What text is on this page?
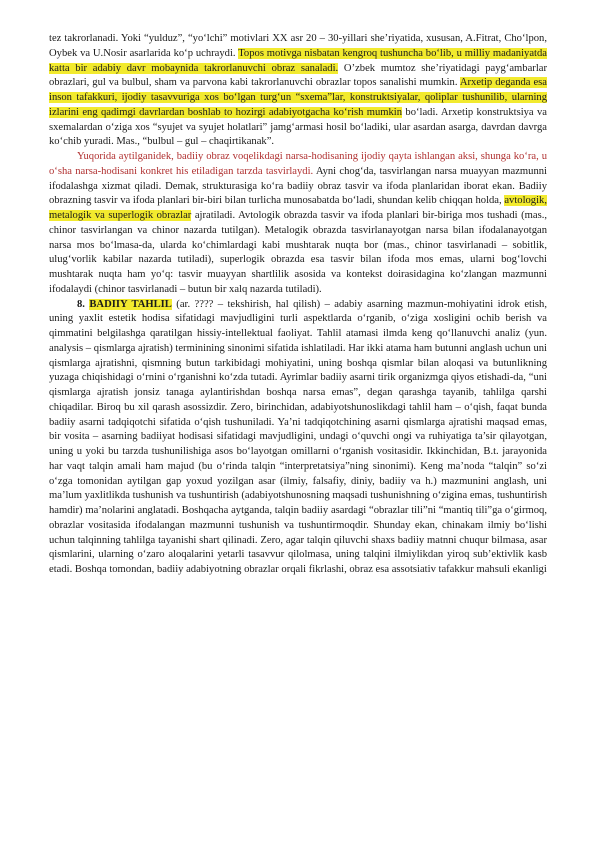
tez takrorlanadi. Yoki “yulduz”, “yo‘lchi” motivlari XX asr 20 – 30-yillari she’riyatida, xususan, A.Fitrat, Cho‘lpon, Oybek va U.Nosir asarlarida ko‘p uchraydi. Topos motivga nisbatan kengroq tushuncha bo‘lib, u milliy madaniyatda katta bir adabiy davr mobaynida takrorlanuvchi obraz sanaladi. O’zbek mumtoz she’riyatidagi payg‘ambarlar obrazlari, gul va bulbul, sham va parvona kabi takrorlanuvchi obrazlar topos sanalishi mumkin. Arxetip deganda esa inson tafakkuri, ijodiy tasavvuriga xos bo‘lgan turg‘un “sxema”lar, konstruktsiyalar, qoliplar tushunilib, ularning izlarini eng qadimgi davrlardan boshlab to hozirgi adabiyotgacha ko‘rish mumkin bo‘ladi. Arxetip konstruktsiya va sxemalardan o‘ziga xos “syujet va syujet holatlari” jamg‘armasi hosil bo‘ladiki, ular asardan asarga, davrdan davrga ko‘chib yuradi. Mas., “bulbul – gul – chaqirtikanak”.

Yuqorida aytilganidek, badiiy obraz voqelikdagi narsa-hodisaning ijodiy qayta ishlangan aksi, shunga ko‘ra, u o‘sha narsa-hodisani konkret his etiladigan tarzda tasvirlaydi. Ayni chog‘da, tasvirlangan narsa muayyan mazmunni ifodalashga xizmat qiladi. Demak, strukturasiga ko‘ra badiiy obraz tasvir va ifoda planlaridan iborat ekan. Badiiy obrazning tasvir va ifoda planlari bir-biri bilan turlicha munosabatda bo‘ladi, shundan kelib chiqqan holda, avtologik, metalogik va superlogik obrazlar ajratiladi. Avtologik obrazda tasvir va ifoda planlari bir-biriga mos tushadi (mas., chinor tasvirlangan va chinor nazarda tutilgan). Metalogik obrazda tasvirlanayotgan narsa bilan ifodalanayotgan narsa mos bo‘lmasa-da, ularda ko‘chimlardagi kabi mushtarak nuqta bor (mas., chinor tasvirlanadi – sobitlik, ulug‘vorlik kabilar nazarda tutiladi), superlogik obrazda esa tasvir bilan ifoda mos emas, ularni bog‘lovchi mushtarak nuqta ham yo‘q: tasvir muayyan shartlilik asosida va kontekst doirasidagina ko‘zlangan mazmunni ifodalaydi (chinor tasvirlanadi – butun bir xalq nazarda tutiladi).

8. BADIIY TAHLIL (ar. ???? – tekshirish, hal qilish) – adabiy asarning mazmun-mohiyatini idrok etish, uning yaxlit estetik hodisa sifatidagi mavjudligini turli aspektlarda o‘rganib, o‘ziga xosligini ochib berish va qimmatini belgilashga qaratilgan hissiy-intellektual faoliyat. Tahlil atamasi ilmda keng qo‘llanuvchi analiz (yun. analysis – qismlarga ajratish) terminining sinonimi sifatida ishlatiladi. Har ikki atama ham butunni anglash uchun uni qismlarga ajratishni, qismning butun tarkibidagi mohiyatini, uning boshqa qismlar bilan aloqasi va butunlikning yuzaga chiqishidagi o‘rnini o‘rganishni ko‘zda tutadi. Ayrimlar badiiy asarni tirik organizmga qiyos etishadi-da, “uni qismlarga ajratish jonsiz tanaga aylantirishdan boshqa narsa emas”, degan qarashga tayanib, tahlilga qarshi chiqadilar. Biroq bu xil qarash asossizdir. Zero, birinchidan, adabiyotshunoslikdagi tahlil ham – o‘qish, faqat bunda badiiy asarni tadqiqotchi sifatida o‘qish tushuniladi. Ya’ni tadqiqotchining asarni qismlarga ajratishi maqsad emas, bir vosita – asarning badiiyat hodisasi sifatidagi mavjudligini, undagi o‘quvchi ongi va ruhiyatiga ta’sir qilayotgan, uning u yoki bu tarzda tushunilishiga asos bo‘layotgan omillarni o‘rganish vositasidir. Ikkinchidan, B.t. jarayonida har vaqt talqin amali ham majud (bu o‘rinda talqin “interpretatsiya”ning sinonimi). Keng ma’noda “talqin” so‘zi o‘zga tomonidan aytilgan gap yoxud yozilgan asar (ilmiy, falsafiy, diniy, badiiy va h.) mazmunini anglash, uni ma’lum yaxlitlikda tushunish va tushuntirish (adabiyotshunosning maqsadi tushunishning o‘zigina emas, tushuntirish hamdir) ma’nolarini anglatadi. Boshqacha aytganda, talqin badiiy asardagi “obrazlar tili”ni “mantiq tili”ga o‘girmoq, obrazlar vositasida ifodalangan mazmunni tushunish va tushuntirmoqdir. Shunday ekan, chinakam ilmiy bo‘lishi uchun talqinning tahlilga tayanishi shart qilinadi. Zero, agar talqin qiluvchi shaxs badiiy matnni chuqur bilmasa, asar qismlarini, ularning o‘zaro aloqalarini yetarli tasavvur qilolmasa, uning talqini ilmiylikdan yiroq sub’ektivlik kasb etadi. Boshqa tomondan, badiiy adabiyotning obrazlar orqali fikrlashi, obraz esa assotsiativ tafakkur mahsuli ekanligi
